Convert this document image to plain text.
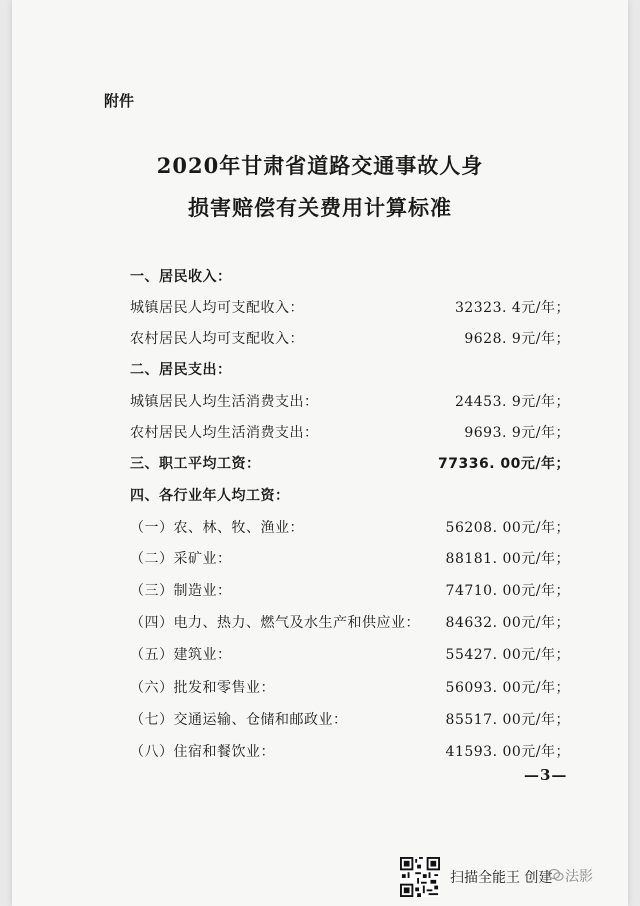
附件
2020年甘肃省道路交通事故人身
损害赔偿有关费用计算标准
一、居民收入：
城镇居民人均可支配收入：	32323. 4元/年；
农村居民人均可支配收入：	9628. 9元/年；
二、居民支出：
城镇居民人均生活消费支出：	24453. 9元/年；
农村居民人均生活消费支出：	9693. 9元/年；
三、职工平均工资：	77336. 00元/年；
四、各行业年人均工资：
（一）农、林、牧、渔业：	56208. 00元/年；
（二）采矿业：	88181. 00元/年；
（三）制造业：	74710. 00元/年；
（四）电力、热力、燃气及水生产和供应业： 84632. 00元/年；
（五）建筑业：	55427. 00元/年；
（六）批发和零售业：	56093. 00元/年；
（七）交通运输、仓储和邮政业：	85517. 00元/年；
（八）住宿和餐饮业：	41593. 00元/年；
—3—
扫描全能王 创建 法影
